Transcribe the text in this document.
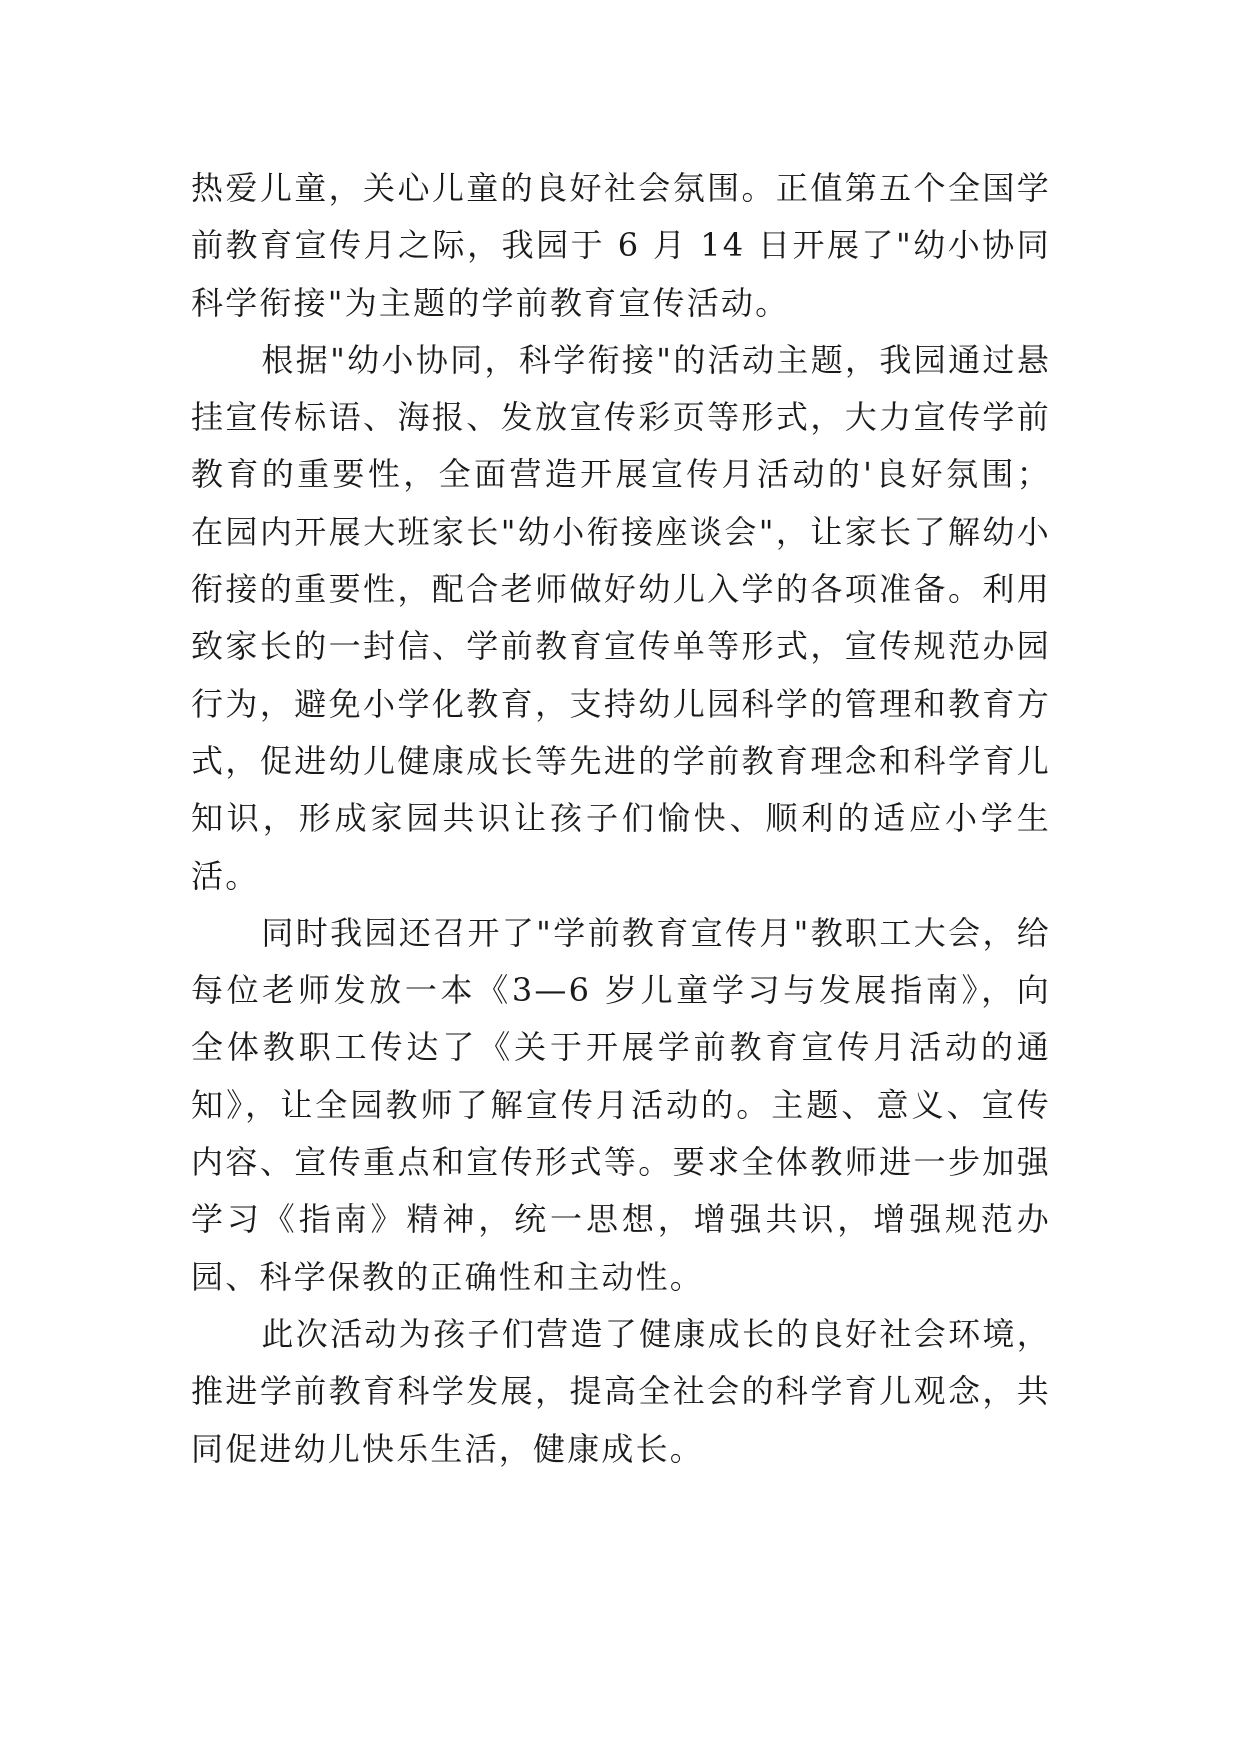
热爱儿童，关心儿童的良好社会氛围。正值第五个全国学前教育宣传月之际，我园于 6 月 14 日开展了"幼小协同 科学衔接"为主题的学前教育宣传活动。

根据"幼小协同，科学衔接"的活动主题，我园通过悬挂宣传标语、海报、发放宣传彩页等形式，大力宣传学前教育的重要性，全面营造开展宣传月活动的'良好氛围；在园内开展大班家长"幼小衔接座谈会"，让家长了解幼小衔接的重要性，配合老师做好幼儿入学的各项准备。利用致家长的一封信、学前教育宣传单等形式，宣传规范办园行为，避免小学化教育，支持幼儿园科学的管理和教育方式，促进幼儿健康成长等先进的学前教育理念和科学育儿知识，形成家园共识让孩子们愉快、顺利的适应小学生活。

同时我园还召开了"学前教育宣传月"教职工大会，给每位老师发放一本《3—6 岁儿童学习与发展指南》，向全体教职工传达了《关于开展学前教育宣传月活动的通知》，让全园教师了解宣传月活动的。主题、意义、宣传内容、宣传重点和宣传形式等。要求全体教师进一步加强学习《指南》精神，统一思想，增强共识，增强规范办园、科学保教的正确性和主动性。

此次活动为孩子们营造了健康成长的良好社会环境，推进学前教育科学发展，提高全社会的科学育儿观念，共同促进幼儿快乐生活，健康成长。
